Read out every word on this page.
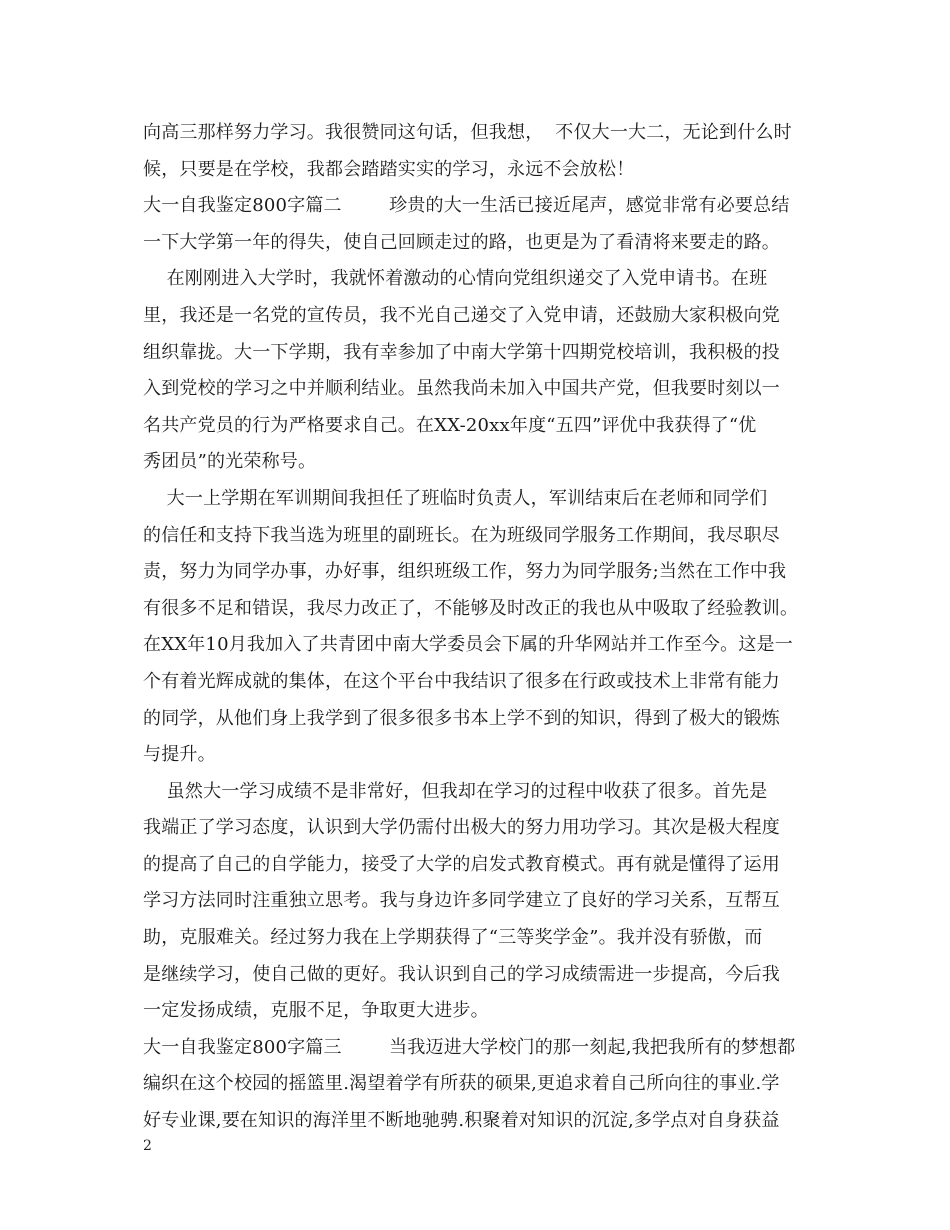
向高三那样努力学习。我很赞同这句话，但我想，  不仅大一大二，无论到什么时
候，只要是在学校，我都会踏踏实实的学习，永远不会放松！
大一自我鉴定800字篇二        珍贵的大一生活已接近尾声，感觉非常有必要总结
一下大学第一年的得失，使自己回顾走过的路，也更是为了看清将来要走的路。
在刚刚进入大学时，我就怀着激动的心情向党组织递交了入党申请书。在班
里，我还是一名党的宣传员，我不光自己递交了入党申请，还鼓励大家积极向党
组织靠拢。大一下学期，我有幸参加了中南大学第十四期党校培训，我积极的投
入到党校的学习之中并顺利结业。虽然我尚未加入中国共产党，但我要时刻以一
名共产党员的行为严格要求自己。在XX-20xx年度“五四”评优中我获得了“优
秀团员”的光荣称号。
大一上学期在军训期间我担任了班临时负责人，军训结束后在老师和同学们
的信任和支持下我当选为班里的副班长。在为班级同学服务工作期间，我尽职尽
责，努力为同学办事，办好事，组织班级工作，努力为同学服务;当然在工作中我
有很多不足和错误，我尽力改正了，不能够及时改正的我也从中吸取了经验教训。
在XX年10月我加入了共青团中南大学委员会下属的升华网站并工作至今。这是一
个有着光辉成就的集体，在这个平台中我结识了很多在行政或技术上非常有能力
的同学，从他们身上我学到了很多很多书本上学不到的知识，得到了极大的锻炼
与提升。
虽然大一学习成绩不是非常好，但我却在学习的过程中收获了很多。首先是
我端正了学习态度，认识到大学仍需付出极大的努力用功学习。其次是极大程度
的提高了自己的自学能力，接受了大学的启发式教育模式。再有就是懂得了运用
学习方法同时注重独立思考。我与身边许多同学建立了良好的学习关系，互帮互
助，克服难关。经过努力我在上学期获得了“三等奖学金”。我并没有骄傲，而
是继续学习，使自己做的更好。我认识到自己的学习成绩需进一步提高，今后我
一定发扬成绩，克服不足，争取更大进步。
大一自我鉴定800字篇三        当我迈进大学校门的那一刻起,我把我所有的梦想都
编织在这个校园的摇篮里.渴望着学有所获的硕果,更追求着自己所向往的事业.学
好专业课,要在知识的海洋里不断地驰骋.积聚着对知识的沉淀,多学点对自身获益
2
